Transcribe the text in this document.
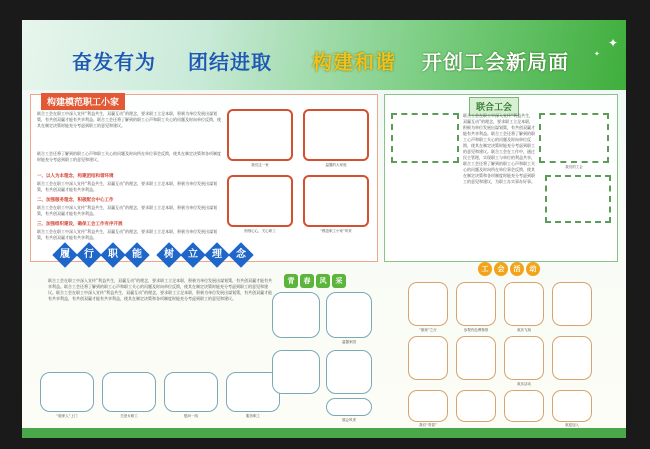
奋发有为 团结进取 构建和谐 开创工会新局面
✦
✦
构建模范职工小家
联合工会在职工中深入宣传“利益共生，双赢互动”的理念，要求职工立足本职，积极为单位发展出谋划策，有共创双赢才能有共享利益。联合工会还将了解到的职工心声和职工关心的问题及时向单位反馈，使其在制定决策时能充分考虑到职工的意见和建议。
联合工会还将了解到的职工心声和职工关心的问题及时向所在单位事会反馈，使其在制定决策和各项制度时能充分考虑到职工的意见和建议。
一、以人为本理念，构建团结和谐环境
联合工会在职工中深入宣传“利益共生，双赢互动”的理念，要求职工立足本职，积极为单位发展出谋划策，有共创双赢才能有共享利益。
二、加强服务理念，积极配合中心工作
联合工会在职工中深入宣传“利益共生，双赢互动”的理念，要求职工立足本职，积极为单位发展出谋划策，有共创双赢才能有共享利益。
三、加强组织建设，确保工会工作有序开展
联合工会在职工中深入宣传“利益共生，双赢互动”的理念，要求职工立足本职，积极为单位发展出谋划策，有共创双赢才能有共享利益。
我们这一家	温馨的大家庭
细细心心，关心职工	“模范职工小家”风采
联合工会
联合工会在职工中深入宣传“利益共生，双赢互动”的理念，要求职工立足本职，积极为单位发展出谋划策，有共创双赢才能有共享利益。联合工会还将了解到的职工心声和职工关心的问题及时向单位反馈，使其在制定决策时能充分考虑到职工的意见和建议。联合工会在工作中，通过民主管理，实现职工与单位的利益共享，联合工会还将了解到的职工心声和职工关心的问题及时向所在单位事会反馈，使其在制定决策和各项制度时能充分考虑到职工的意见和建议，为职工办实事办好事。
我们的工会
履	行	职	能	树	立	理	念
联合工会在职工中深入宣传“利益共生，双赢互动”的理念，要求职工立足本职，积极为单位发展出谋划策，有共创双赢才能有共享利益。联合工会还将了解到的职工心声和职工关心的问题及时向单位反馈，使其在制定决策时能充分考虑到职工的意见和建议。联合工会在职工中深入宣传“利益共生，双赢互动”的理念，要求职工立足本职，积极为单位发展出谋划策，有共创双赢才能有共享利益，有共创双赢才能有共享利益，使其在制定决策和各项制度时能充分考虑到职工的意见和建议。
“娘家人”上门	关爱女职工	慰问一线	服务职工
青	春	风	采
温馨家园
展会风采
工	会	活	动
“娘家”之行	参观有色博物馆	欢乐飞扬
欢乐活动
我们“青春”	欢迎加入
